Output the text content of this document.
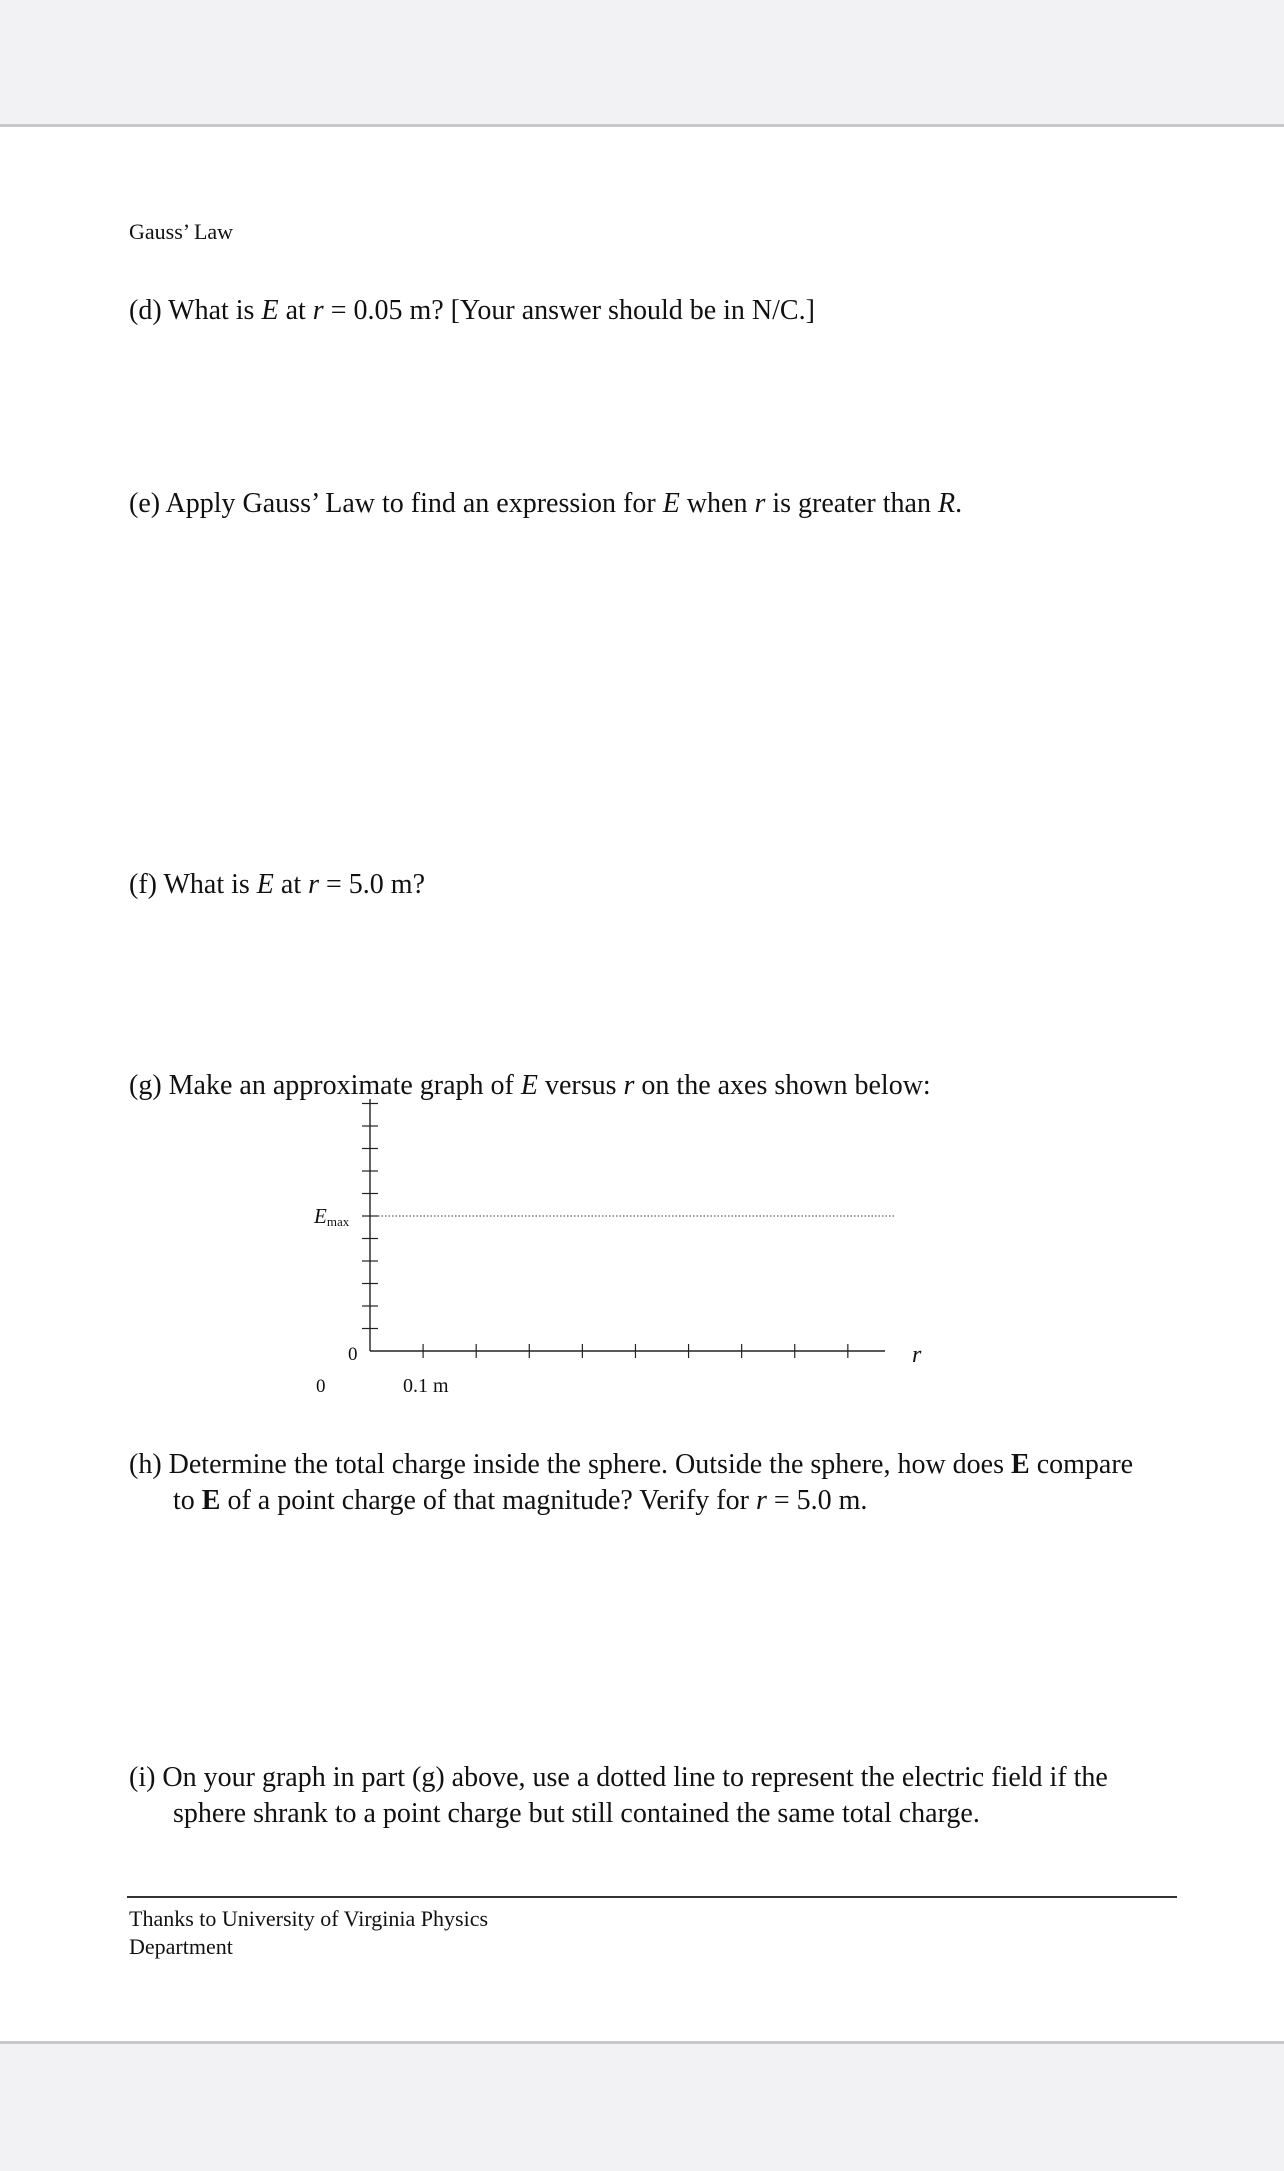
Gauss’ Law
(d) What is E at r = 0.05 m? [Your answer should be in N/C.]
(e) Apply Gauss’ Law to find an expression for E when r is greater than R.
(f) What is E at r = 5.0 m?
(g) Make an approximate graph of E versus r on the axes shown below:
Emax
0
0	0.1 m
r
(h) Determine the total charge inside the sphere. Outside the sphere, how does E compare
to E of a point charge of that magnitude? Verify for r = 5.0 m.
(i) On your graph in part (g) above, use a dotted line to represent the electric field if the
sphere shrank to a point charge but still contained the same total charge.
Thanks to University of Virginia Physics
Department
